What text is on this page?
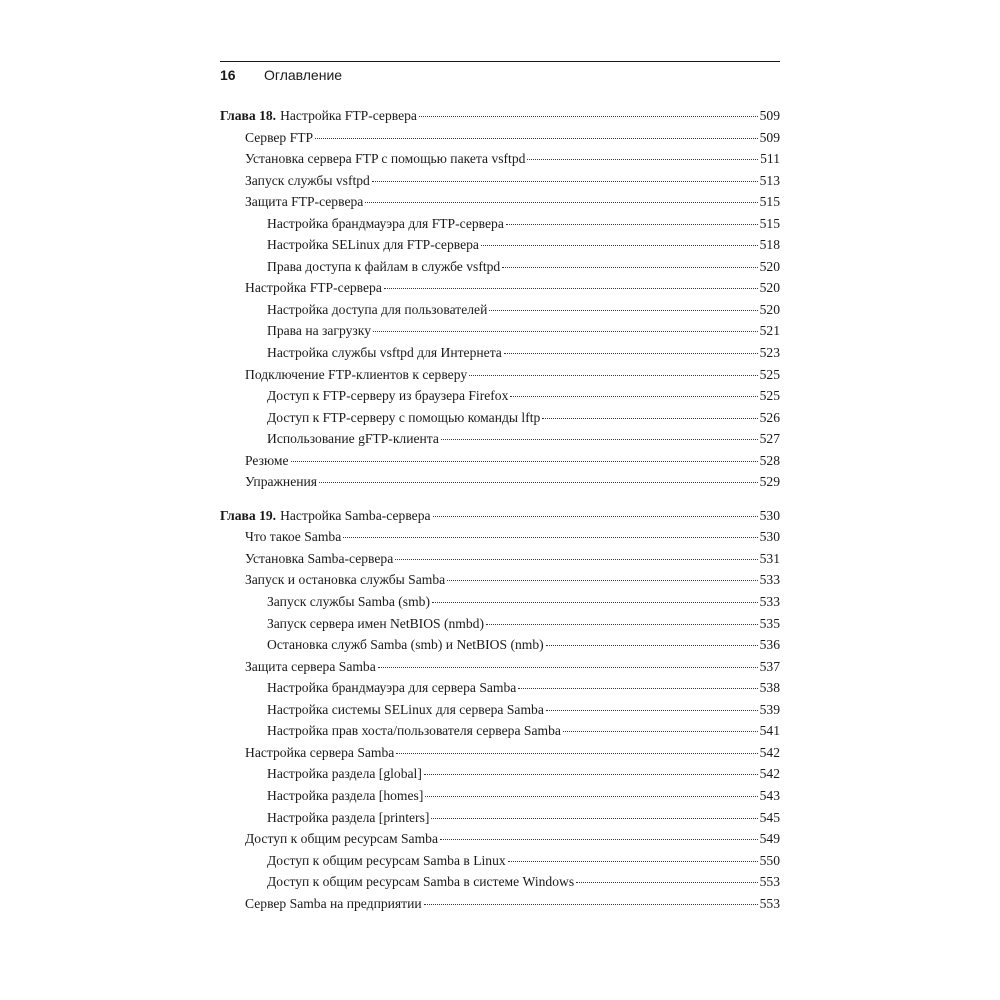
16 Оглавление
Глава 18. Настройка FTP-сервера	509
Сервер FTP	509
Установка сервера FTP с помощью пакета vsftpd	511
Запуск службы vsftpd	513
Защита FTP-сервера	515
Настройка брандмауэра для FTP-сервера	515
Настройка SELinux для FTP-сервера	518
Права доступа к файлам в службе vsftpd	520
Настройка FTP-сервера	520
Настройка доступа для пользователей	520
Права на загрузку	521
Настройка службы vsftpd для Интернета	523
Подключение FTP-клиентов к серверу	525
Доступ к FTP-серверу из браузера Firefox	525
Доступ к FTP-серверу с помощью команды lftp	526
Использование gFTP-клиента	527
Резюме	528
Упражнения	529
Глава 19. Настройка Samba-сервера	530
Что такое Samba	530
Установка Samba-сервера	531
Запуск и остановка службы Samba	533
Запуск службы Samba (smb)	533
Запуск сервера имен NetBIOS (nmbd)	535
Остановка служб Samba (smb) и NetBIOS (nmb)	536
Защита сервера Samba	537
Настройка брандмауэра для сервера Samba	538
Настройка системы SELinux для сервера Samba	539
Настройка прав хоста/пользователя сервера Samba	541
Настройка сервера Samba	542
Настройка раздела [global]	542
Настройка раздела [homes]	543
Настройка раздела [printers]	545
Доступ к общим ресурсам Samba	549
Доступ к общим ресурсам Samba в Linux	550
Доступ к общим ресурсам Samba в системе Windows	553
Сервер Samba на предприятии	553
